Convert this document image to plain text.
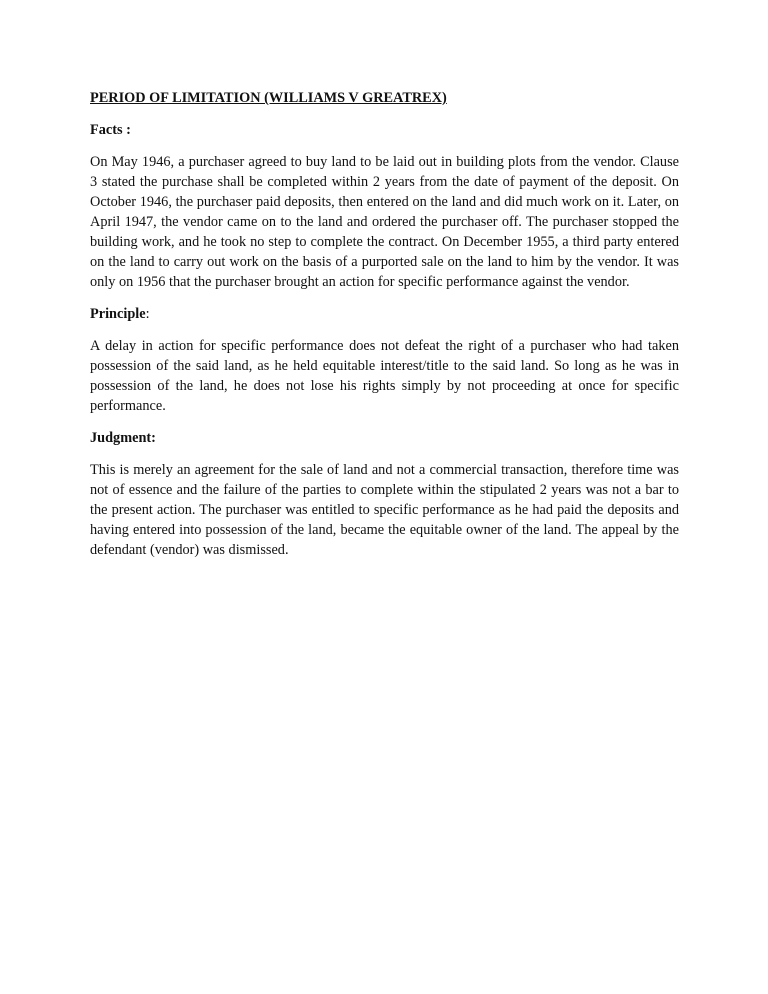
PERIOD OF LIMITATION (WILLIAMS V GREATREX)
Facts :
On May 1946, a purchaser agreed to buy land to be laid out in building plots from the vendor. Clause 3 stated the purchase shall be completed within 2 years from the date of payment of the deposit. On October 1946, the purchaser paid deposits, then entered on the land and did much work on it. Later, on April 1947, the vendor came on to the land and ordered the purchaser off. The purchaser stopped the building work, and he took no step to complete the contract. On December 1955, a third party entered on the land to carry out work on the basis of a purported sale on the land to him by the vendor. It was only on 1956 that the purchaser brought an action for specific performance against the vendor.
Principle:
A delay in action for specific performance does not defeat the right of a purchaser who had taken possession of the said land, as he held equitable interest/title to the said land. So long as he was in possession of the land, he does not lose his rights simply by not proceeding at once for specific performance.
Judgment:
This is merely an agreement for the sale of land and not a commercial transaction, therefore time was not of essence and the failure of the parties to complete within the stipulated 2 years was not a bar to the present action. The purchaser was entitled to specific performance as he had paid the deposits and having entered into possession of the land, became the equitable owner of the land. The appeal by the defendant (vendor) was dismissed.
